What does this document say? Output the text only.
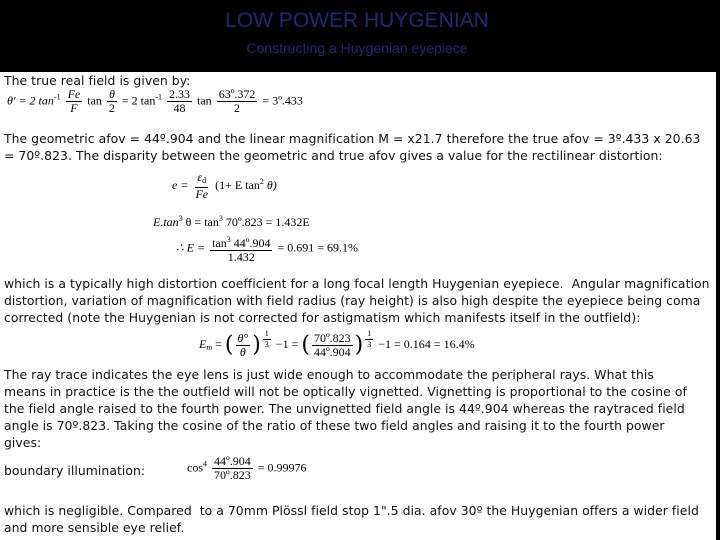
LOW POWER HUYGENIAN
Constructing a Huygenian eyepiece
The true real field is given by:
θ' = 2 $\tan^{-1} \frac{Fe}{F}$ $\tan \frac{\theta}{2} = 2$ $\tan^{-1} \frac{2.33}{48}$ $\tan \frac{\text{63º.372}}{2}$ = 3º.433
The geometric afov = 44º.904 and the linear magnification M = x21.7 therefore the true afov = 3º.433 x 20.63
= 70º.823. The disparity between the geometric and true afov gives a value for the rectilinear distortion:
$e = \frac{\varepsilon_d}{Fe} (1+ E$ $\tan^2 \theta$)
$E.\tan^3$ $\theta = \tan^3$ 70º.823 = 1.432E
∴ $E = \frac{\tan^3 44º.904}{1.432} = 0.691 = 69.1\%$
which is a typically high distortion coefficient for a long focal length Huygenian eyepiece.  Angular magnification
distortion, variation of magnification with field radius (ray height) is also high despite the eyepiece being coma
corrected (note the Huygenian is not corrected for astigmatism which manifests itself in the outfield):
$E_m$ = ( $\frac{\theta^\circ}{\theta}$ ) $\frac{1}{3} -1$ = ( $\frac{\text{70º.823}}{\text{44º.904}}$ ) $\frac{1}{3} -1 = 0.164 = 16.4\%$
The ray trace indicates the eye lens is just wide enough to accommodate the peripheral rays. What this
means in practice is the the outfield will not be optically vignetted. Vignetting is proportional to the cosine of
the field angle raised to the fourth power. The unvignetted field angle is 44º.904 whereas the raytraced field
angle is 70º.823. Taking the cosine of the ratio of these two field angles and raising it to the fourth power
gives:
boundary illumination:	$\cos^4 \frac{\text{44º.904}}{\text{70º.823}} = 0.99976$
which is negligible. Compared  to a 70mm Plössl field stop 1".5 dia. afov 30º the Huygenian offers a wider field
and more sensible eye relief.
